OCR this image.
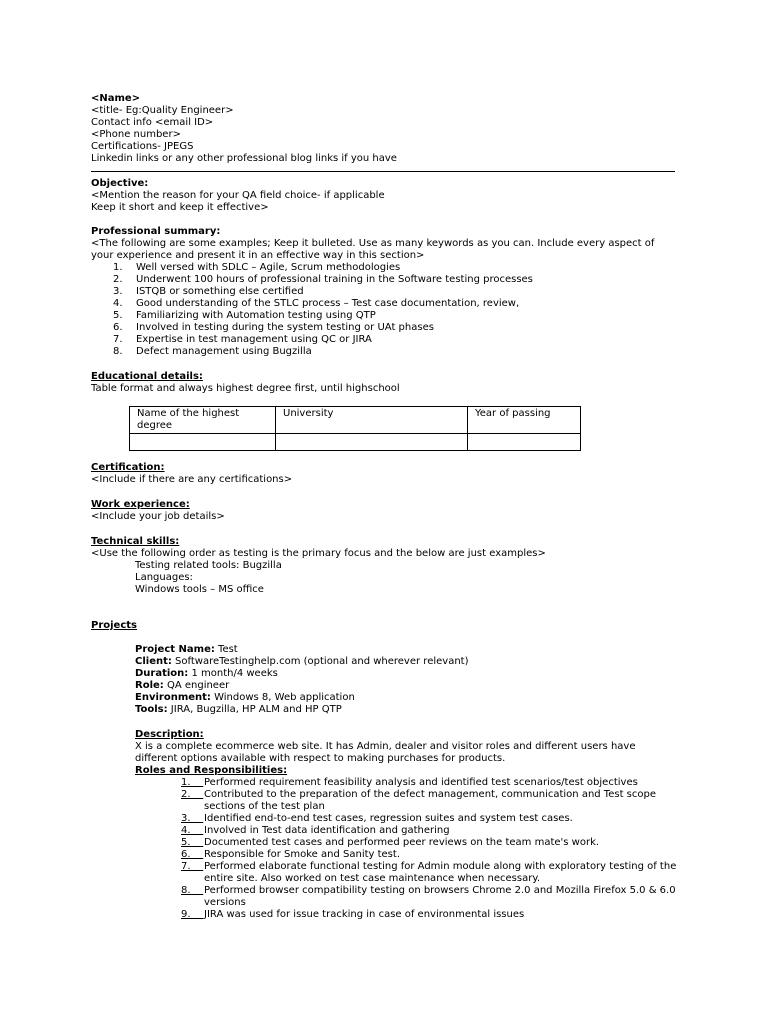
<Name>
<title- Eg:Quality Engineer>
Contact info <email ID>
<Phone number>
Certifications- JPEGS
Linkedin links or any other professional blog links if you have
Objective:
<Mention the reason for your QA field choice- if applicable
Keep it short and keep it effective>
Professional summary:
<The following are some examples; Keep it bulleted. Use as many keywords as you can. Include every aspect of your experience and present it in an effective way in this section>
1. Well versed with SDLC – Agile, Scrum methodologies
2. Underwent 100 hours of professional training in the Software testing processes
3. ISTQB or something else certified
4. Good understanding of the STLC process – Test case documentation, review,
5. Familiarizing with Automation testing using QTP
6. Involved in testing during the system testing or UAt phases
7. Expertise in test management using QC or JIRA
8. Defect management using Bugzilla
Educational details:
Table format and always highest degree first, until highschool
Name of the highest degree	University	Year of passing

Certification:
<Include if there are any certifications>
Work experience:
<Include your job details>
Technical skills:
<Use the following order as testing is the primary focus and the below are just examples>
Testing related tools: Bugzilla
Languages:
Windows tools – MS office
Projects
Project Name: Test
Client: SoftwareTestinghelp.com (optional and wherever relevant)
Duration: 1 month/4 weeks
Role: QA engineer
Environment: Windows 8, Web application
Tools: JIRA, Bugzilla, HP ALM and HP QTP
Description:
X is a complete ecommerce web site. It has Admin, dealer and visitor roles and different users have different options available with respect to making purchases for products.
Roles and Responsibilities:
1. Performed requirement feasibility analysis and identified test scenarios/test objectives
2. Contributed to the preparation of the defect management, communication and Test scope sections of the test plan
3. Identified end-to-end test cases, regression suites and system test cases.
4. Involved in Test data identification and gathering
5. Documented test cases and performed peer reviews on the team mate's work.
6. Responsible for Smoke and Sanity test.
7. Performed elaborate functional testing for Admin module along with exploratory testing of the entire site. Also worked on test case maintenance when necessary.
8. Performed browser compatibility testing on browsers Chrome 2.0 and Mozilla Firefox 5.0 & 6.0 versions
9. JIRA was used for issue tracking in case of environmental issues
